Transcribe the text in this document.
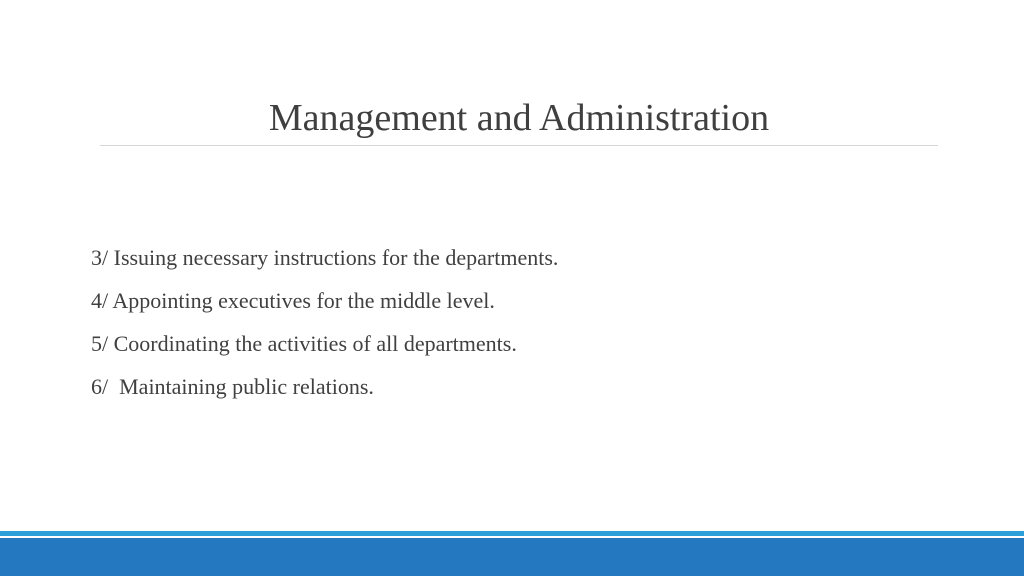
Management and Administration
3/ Issuing necessary instructions for the departments.
4/ Appointing executives for the middle level.
5/ Coordinating the activities of all departments.
6/  Maintaining public relations.
